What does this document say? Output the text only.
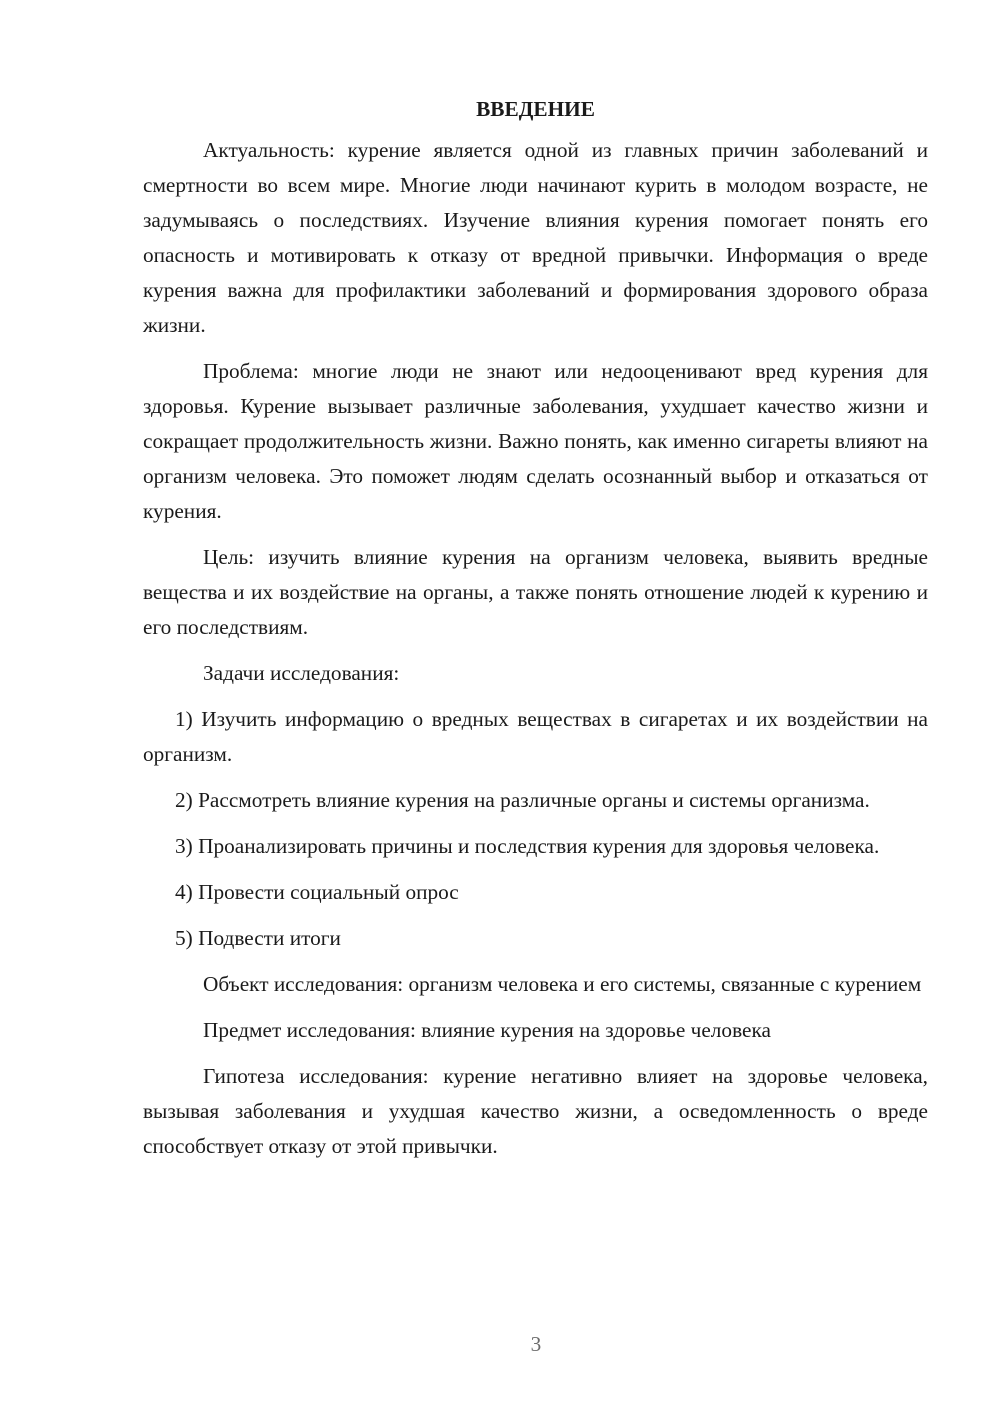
ВВЕДЕНИЕ

Актуальность: курение является одной из главных причин заболеваний и смертности во всем мире. Многие люди начинают курить в молодом возрасте, не задумываясь о последствиях. Изучение влияния курения помогает понять его опасность и мотивировать к отказу от вредной привычки. Информация о вреде курения важна для профилактики заболеваний и формирования здорового образа жизни.

Проблема: многие люди не знают или недооценивают вред курения для здоровья. Курение вызывает различные заболевания, ухудшает качество жизни и сокращает продолжительность жизни. Важно понять, как именно сигареты влияют на организм человека. Это поможет людям сделать осознанный выбор и отказаться от курения.

Цель: изучить влияние курения на организм человека, выявить вредные вещества и их воздействие на органы, а также понять отношение людей к курению и его последствиям.

Задачи исследования:

1) Изучить информацию о вредных веществах в сигаретах и их воздействии на организм.

2) Рассмотреть влияние курения на различные органы и системы организма.

3) Проанализировать причины и последствия курения для здоровья человека.

4) Провести социальный опрос

5) Подвести итоги

Объект исследования: организм человека и его системы, связанные с курением

Предмет исследования: влияние курения на здоровье человека

Гипотеза исследования: курение негативно влияет на здоровье человека, вызывая заболевания и ухудшая качество жизни, а осведомленность о вреде способствует отказу от этой привычки.

3
